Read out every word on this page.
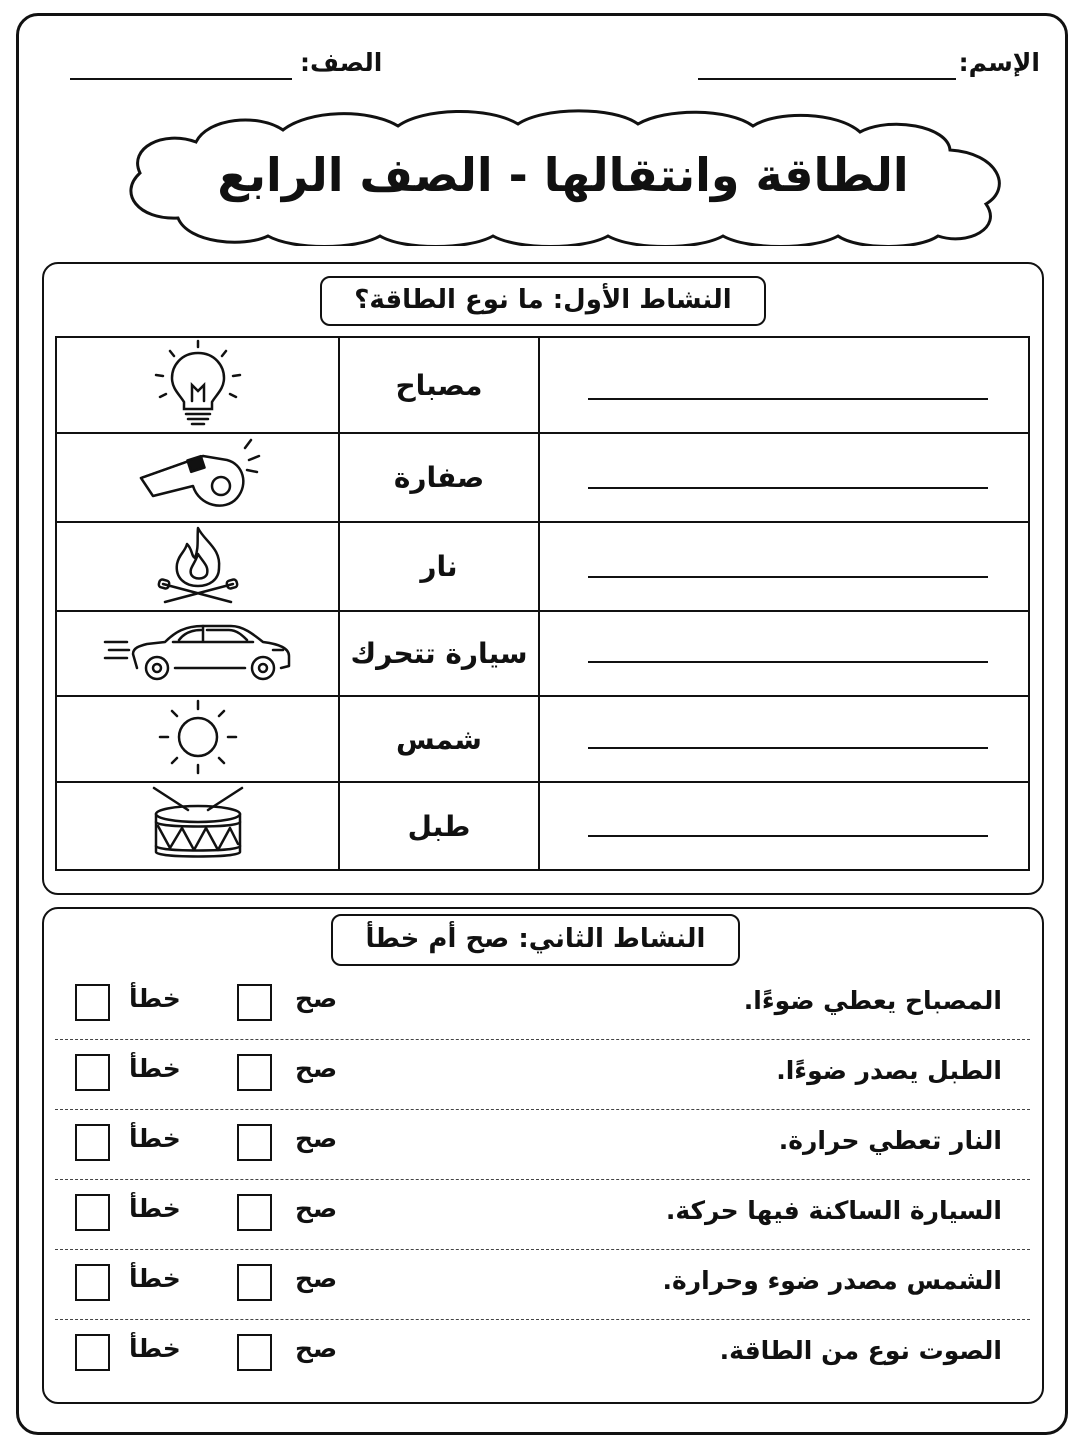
الإسم:
الصف:
الطاقة وانتقالها - الصف الرابع
النشاط الأول: ما نوع الطاقة؟
	مصباح	

	صفارة	

	نار	

	سيارة تتحرك	

	شمس	

	طبل	
النشاط الثاني: صح أم خطأ
المصباح يعطي ضوءًا.
صح
خطأ
الطبل يصدر ضوءًا.
صح
خطأ
النار تعطي حرارة.
صح
خطأ
السيارة الساكنة فيها حركة.
صح
خطأ
الشمس مصدر ضوء وحرارة.
صح
خطأ
الصوت نوع من الطاقة.
صح
خطأ
